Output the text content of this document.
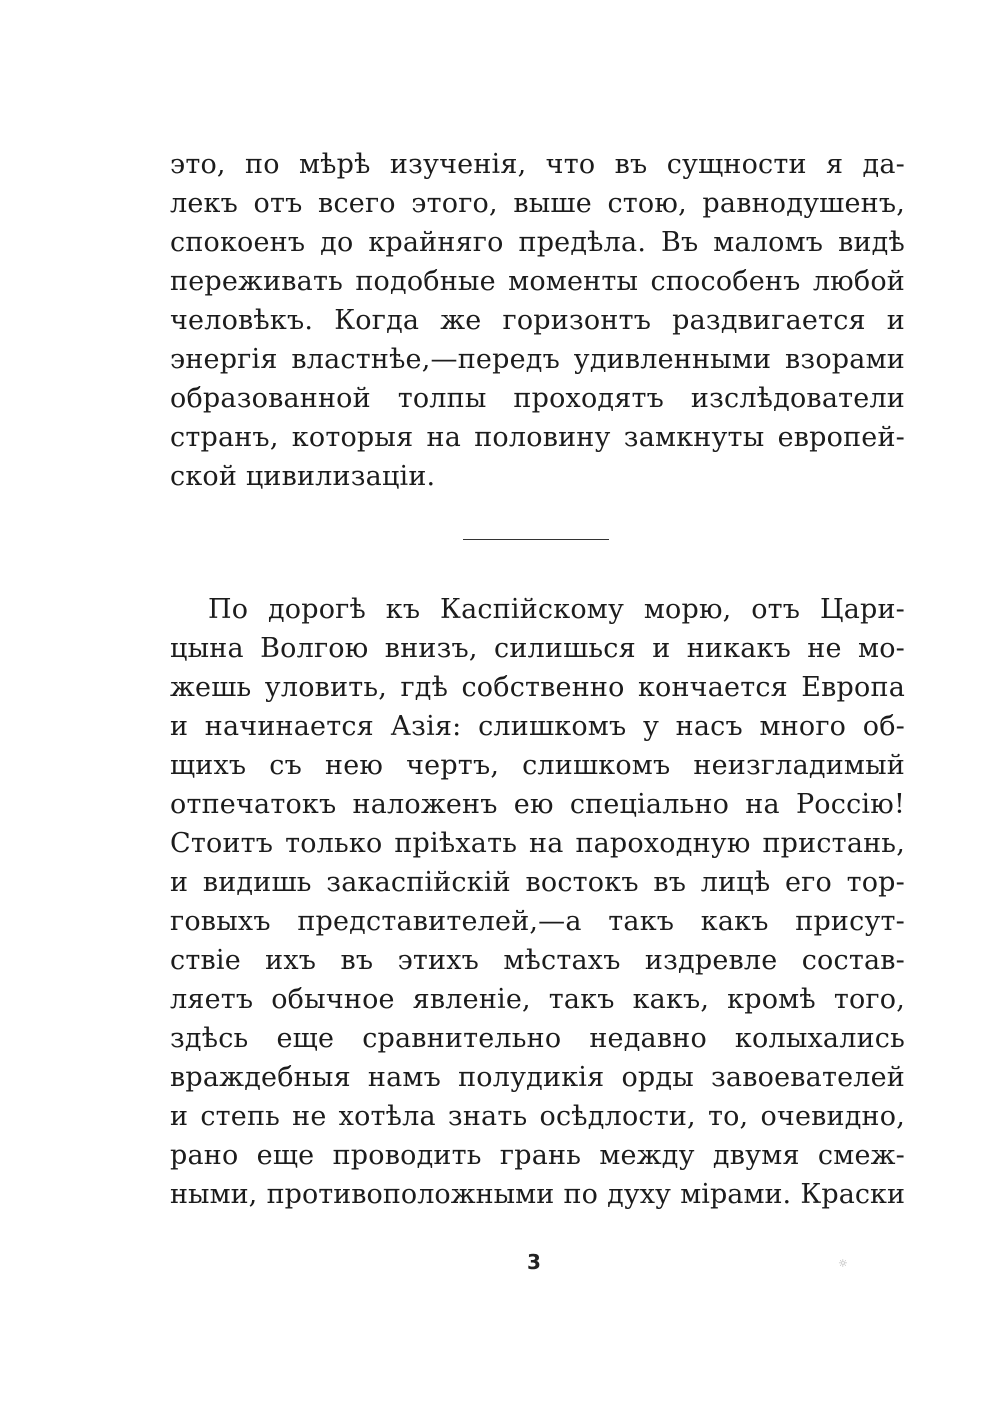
это, по мѣрѣ изученія, что въ сущности я да-
лекъ отъ всего этого, выше стою, равнодушенъ,
спокоенъ до крайняго предѣла. Въ маломъ видѣ
переживать подобные моменты способенъ любой
человѣкъ. Когда же горизонтъ раздвигается и
энергія властнѣе,—передъ удивленными взорами
образованной толпы проходятъ изслѣдователи
странъ, которыя на половину замкнуты европей-
ской цивилизаціи.
По дорогѣ къ Каспійскому морю, отъ Цари-
цына Волгою внизъ, силишься и никакъ не мо-
жешь уловить, гдѣ собственно кончается Европа
и начинается Азія: слишкомъ у насъ много об-
щихъ съ нею чертъ, слишкомъ неизгладимый
отпечатокъ наложенъ ею спеціально на Россію!
Стоитъ только пріѣхать на пароходную пристань,
и видишь закаспійскій востокъ въ лицѣ его тор-
говыхъ представителей,—а такъ какъ присут-
ствіе ихъ въ этихъ мѣстахъ издревле состав-
ляетъ обычное явленіе, такъ какъ, кромѣ того,
здѣсь еще сравнительно недавно колыхались
враждебныя намъ полудикія орды завоевателей
и степь не хотѣла знать осѣдлости, то, очевидно,
рано еще проводить грань между двумя смеж-
ными, противоположными по духу мірами. Краски
3	☼
